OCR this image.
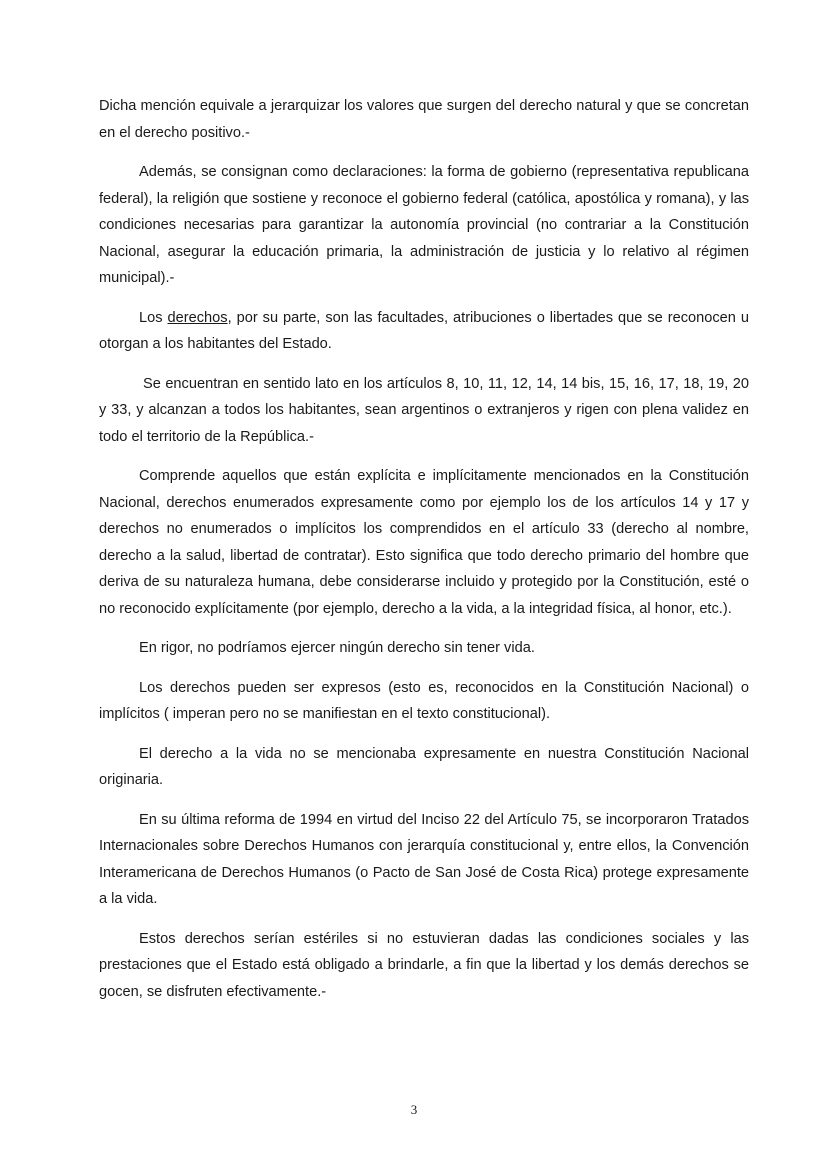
Dicha mención equivale a jerarquizar los valores que surgen del derecho natural y que se concretan en el derecho positivo.-

Además, se consignan como declaraciones: la forma de gobierno (representativa republicana federal), la religión que sostiene y reconoce el gobierno federal (católica, apostólica y romana), y las condiciones necesarias para garantizar la autonomía provincial (no contrariar a la Constitución Nacional, asegurar la educación primaria, la administración de justicia y lo relativo al régimen municipal).-

Los derechos, por su parte, son las facultades, atribuciones o libertades que se reconocen u otorgan a los habitantes del Estado.

Se encuentran en sentido lato en los artículos 8, 10, 11, 12, 14, 14 bis, 15, 16, 17, 18, 19, 20 y 33, y alcanzan a todos los habitantes, sean argentinos o extranjeros y rigen con plena validez en todo el territorio de la República.-

Comprende aquellos que están explícita e implícitamente mencionados en la Constitución Nacional, derechos enumerados expresamente como por ejemplo los de los artículos 14 y 17 y derechos no enumerados o implícitos los comprendidos en el artículo 33 (derecho al nombre, derecho a la salud, libertad de contratar). Esto significa que todo derecho primario del hombre que deriva de su naturaleza humana, debe considerarse incluido y protegido por la Constitución, esté o no reconocido explícitamente (por ejemplo, derecho a la vida, a la integridad física, al honor, etc.).

En rigor, no podríamos ejercer ningún derecho sin tener vida.

Los derechos pueden ser expresos (esto es, reconocidos en la Constitución Nacional) o implícitos ( imperan pero no se manifiestan en el texto constitucional).

El derecho a la vida no se mencionaba expresamente en nuestra Constitución Nacional originaria.

En su última reforma de 1994 en virtud del Inciso 22 del Artículo 75, se incorporaron Tratados Internacionales sobre Derechos Humanos con jerarquía constitucional y, entre ellos, la Convención Interamericana de Derechos Humanos (o Pacto de San José de Costa Rica) protege expresamente a la vida.

Estos derechos serían estériles si no estuvieran dadas las condiciones sociales y las prestaciones que el Estado está obligado a brindarle, a fin que la libertad y los demás derechos se gocen, se disfruten efectivamente.-

3
